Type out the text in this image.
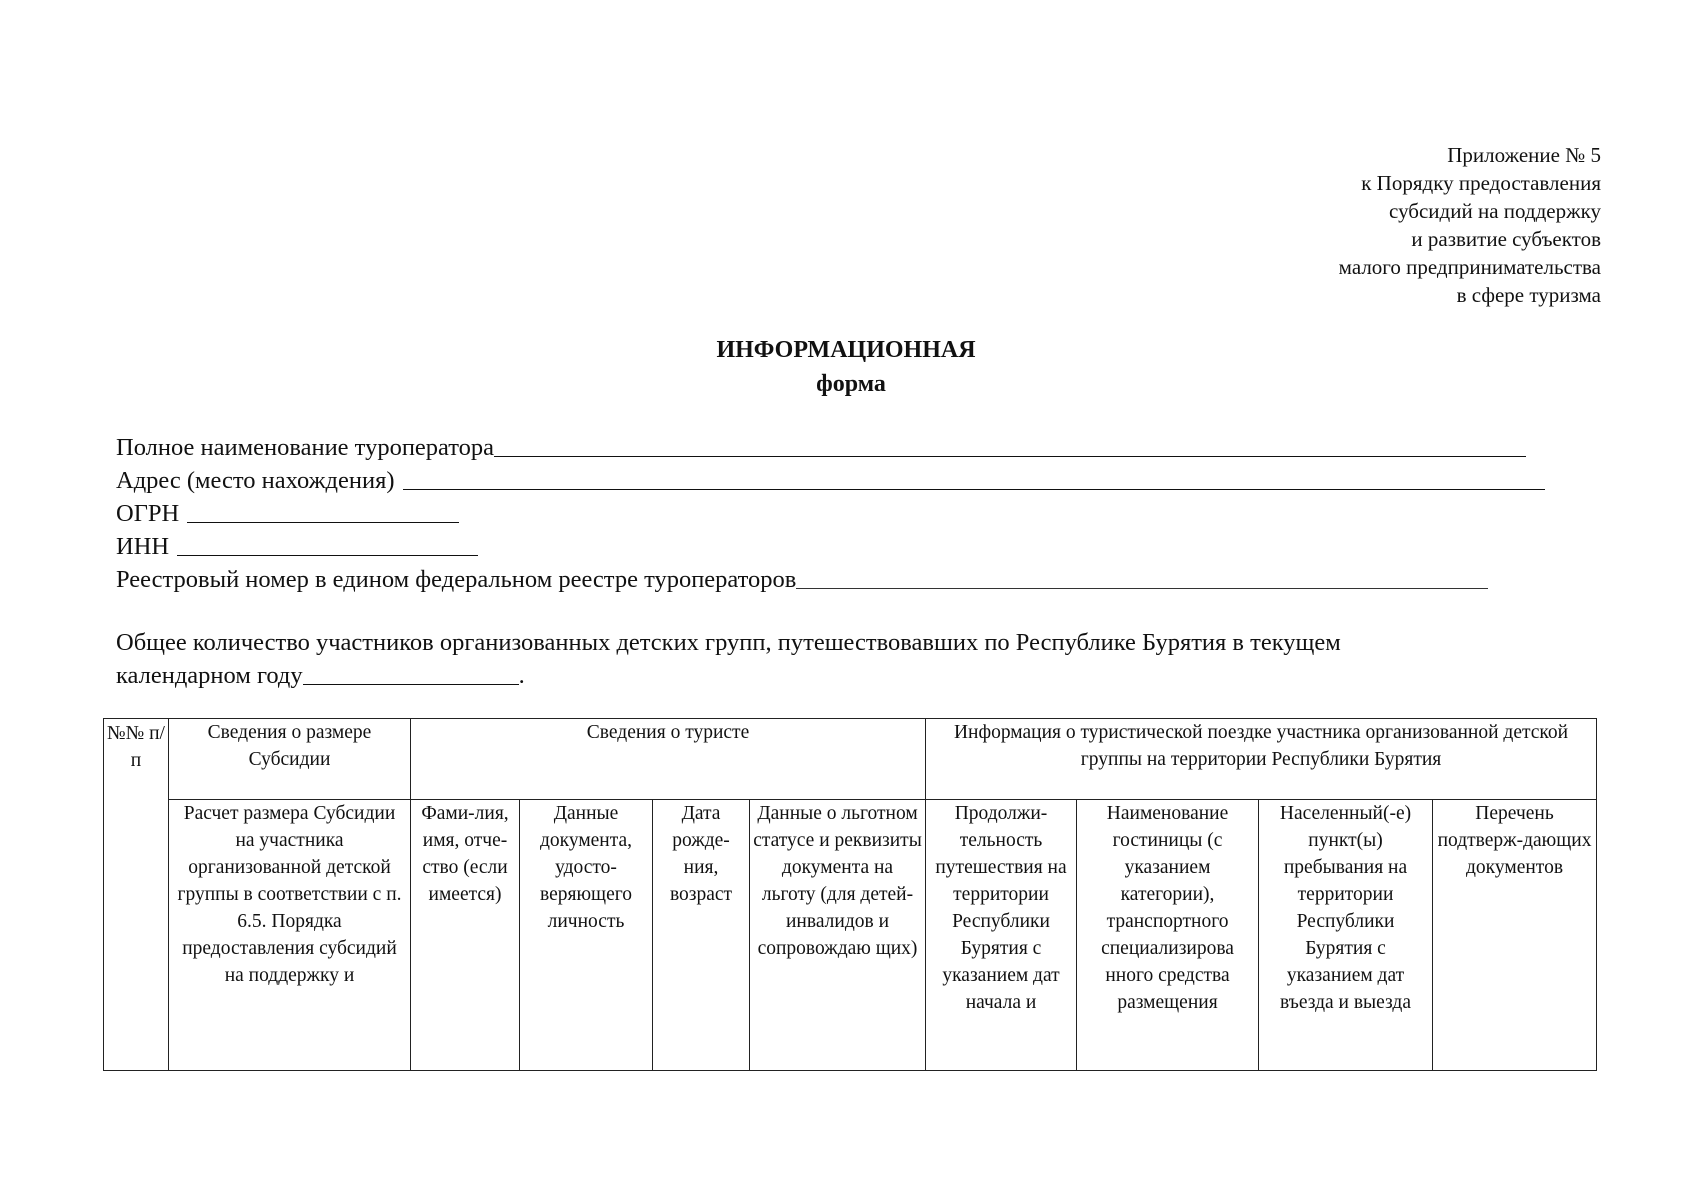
Приложение № 5
к Порядку предоставления
субсидий на поддержку
и развитие субъектов
малого предпринимательства
в сфере туризма
ИНФОРМАЦИОННАЯ
форма
Полное наименование туроператора
Адрес (место нахождения)
ОГРН
ИНН
Реестровый номер в едином федеральном реестре туроператоров
Общее количество участников организованных детских групп, путешествовавших по Республике Бурятия в текущем
календарном году	.
№№ п/п	Сведения о размере Субсидии	Сведения о туристе				Информация о туристической поездке участника организованной детской группы на территории Республики Бурятия			
	Расчет размера Субсидии на участника организованной детской группы в соответствии с п. 6.5. Порядка предоставления субсидий на поддержку и	Фами-лия, имя, отче-ство (если имеется)	Данные документа, удосто-веряющего личность	Дата рожде-ния, возраст	Данные о льготном статусе и реквизиты документа на льготу (для детей-инвалидов и сопровождаю щих)	Продолжи-тельность путешествия на территории Республики Бурятия с указанием дат начала и	Наименование гостиницы (с указанием категории), транспортного специализирова нного средства размещения	Населенный(-е) пункт(ы) пребывания на территории Республики Бурятия с указанием дат въезда и выезда	Перечень подтверж-дающих документов
